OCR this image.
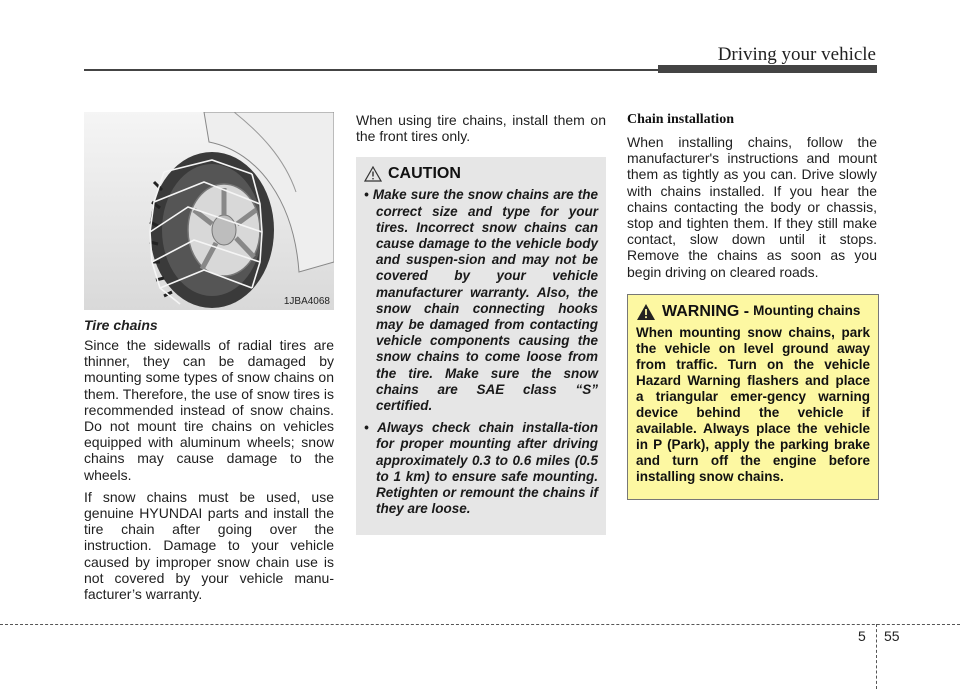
Driving your vehicle
1JBA4068
Tire chains

Since the sidewalls of radial tires are thinner, they can be damaged by mounting some types of snow chains on them. Therefore, the use of snow tires is recommended instead of snow chains. Do not mount tire chains on vehicles equipped with aluminum wheels; snow chains may cause damage to the wheels.

If snow chains must be used, use genuine HYUNDAI parts and install the tire chain after going over the instruction. Damage to your vehicle caused by improper snow chain use is not covered by your vehicle manu-facturer’s warranty.

When using tire chains, install them on the front tires only.

CAUTION
• Make sure the snow chains are the correct size and type for your tires. Incorrect snow chains can cause damage to the vehicle body and suspen-sion and may not be covered by your vehicle manufacturer warranty. Also, the snow chain connecting hooks may be damaged from contacting vehicle components causing the snow chains to come loose from the tire. Make sure the snow chains are SAE class “S” certified.
• Always check chain installa-tion for proper mounting after driving approximately 0.3 to 0.6 miles (0.5 to 1 km) to ensure safe mounting. Retighten or remount the chains if they are loose.
Chain installation

When installing chains, follow the manufacturer's instructions and mount them as tightly as you can. Drive slowly with chains installed. If you hear the chains contacting the body or chassis, stop and tighten them. If they still make contact, slow down until it stops. Remove the chains as soon as you begin driving on cleared roads.

WARNING - Mounting chains

When mounting snow chains, park the vehicle on level ground away from traffic. Turn on the vehicle Hazard Warning flashers and place a triangular emer-gency warning device behind the vehicle if available. Always place the vehicle in P (Park), apply the parking brake and turn off the engine before installing snow chains.

5 55
